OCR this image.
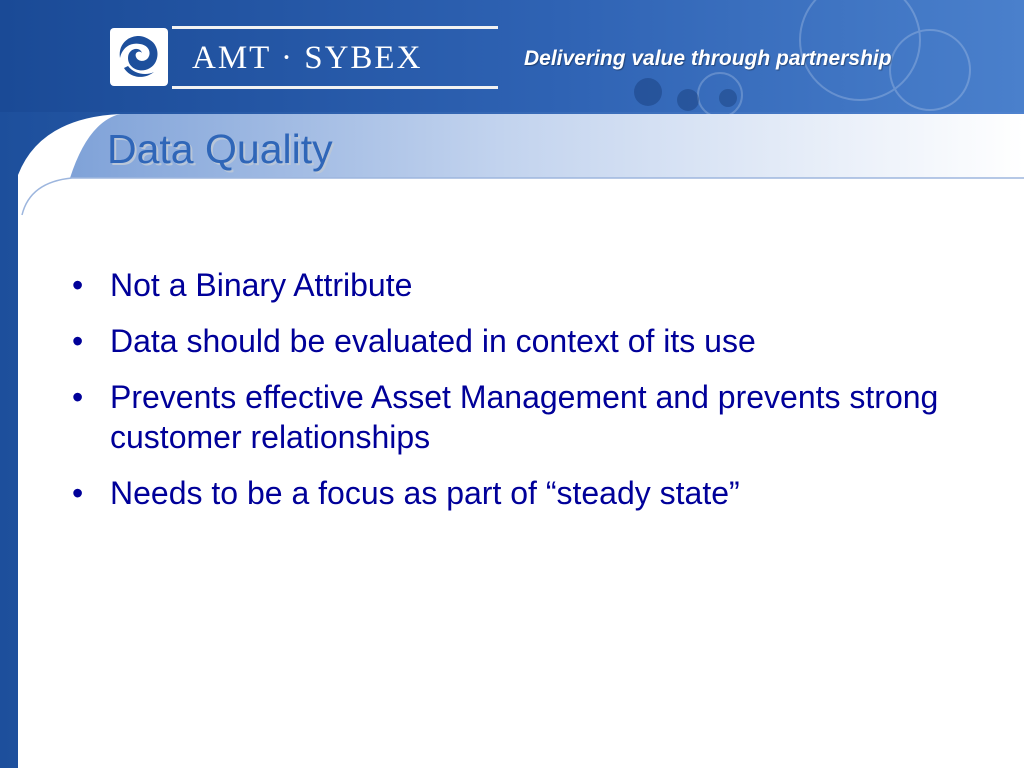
AMT · SYBEX	Delivering value through partnership
Data Quality
• Not a Binary Attribute
• Data should be evaluated in context of its use
• Prevents effective Asset Management and prevents strong customer relationships
• Needs to be a focus as part of “steady state”
